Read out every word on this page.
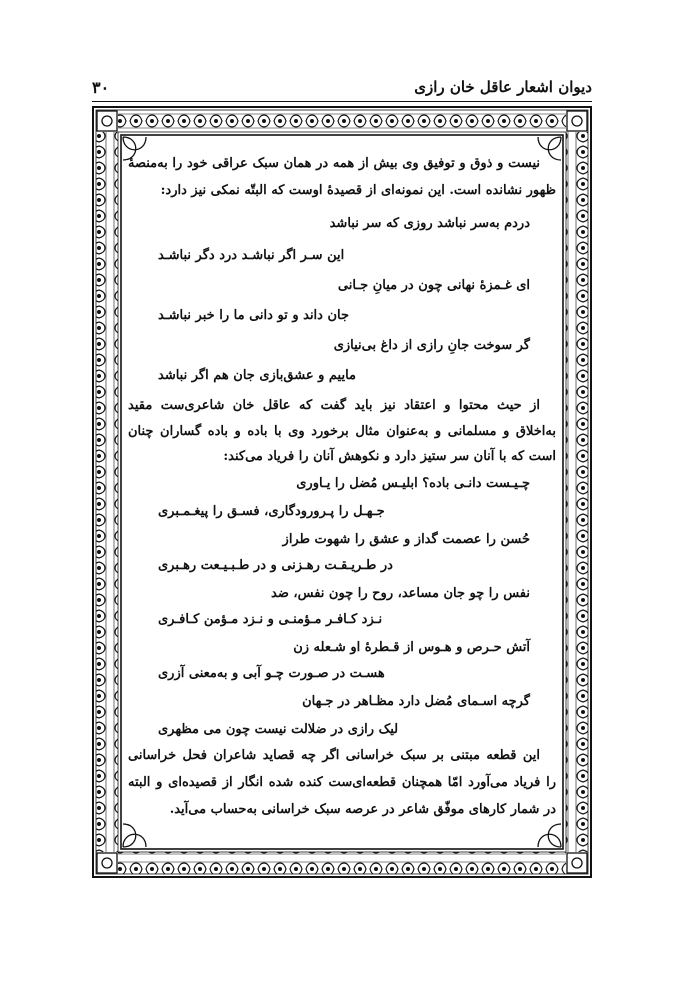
دیوان اشعار عاقل خان رازی
۳۰
نیست و ذوق و توفیق وی بیش از همه در همان سبک عراقی خود را به‌منصهٔ
ظهور نشانده است. این نمونه‌ای از قصیدهٔ اوست که البتّه نمکی نیز دارد:
دردم به‌سر نباشد روزی که سر نباشد
این سـر اگر نباشـد درد دگر نباشـد
ای غـمزهٔ نهانی چون در میانِ جـانی
جان داند و تو دانی ما را خبر نباشـد
گر سوخت جانِ رازی از داغ بی‌نیازی
ماییم و عشق‌بازی جان هم اگر نباشد
از حیث محتوا و اعتقاد نیز باید گفت که عاقل خان شاعری‌ست مقید
به‌اخلاق و مسلمانی و به‌عنوان مثال برخورد وی با باده و باده گساران چنان
است که با آنان سر ستیز دارد و نکوهش آنان را فریاد می‌کند:
چـیـست دانـی باده؟ ابلیـس مُضل را یـاوری
جـهـل را پـرورودگاری، فسـق را پیغـمـبری
حُسن را عصمت گداز و عشق را شهوت طراز
در طـریـقـت رهـزنی و در طـبـیـعت رهـبری
نفس را چو جان مساعد، روح را چون نفس، ضد
نـزد کـافـر مـؤمنـی و نـزد مـؤمن کـافـری
آتش حـرص و هـوس از قـطرهٔ او شـعله زن
هسـت در صـورت چـو آبی و به‌معنی آزری
گرچه اسـمای مُضل دارد مظـاهر در جـهان
لیک رازی در ضلالت نیست چون می مظهری
این قطعه مبتنی بر سبک خراسانی اگر چه قصاید شاعران فحل خراسانی
را فریاد می‌آورد امّا همچنان قطعه‌ای‌ست کنده شده انگار از قصیده‌ای و البته
در شمار کارهای موفّق شاعر در عرصه سبک خراسانی به‌حساب می‌آید.
